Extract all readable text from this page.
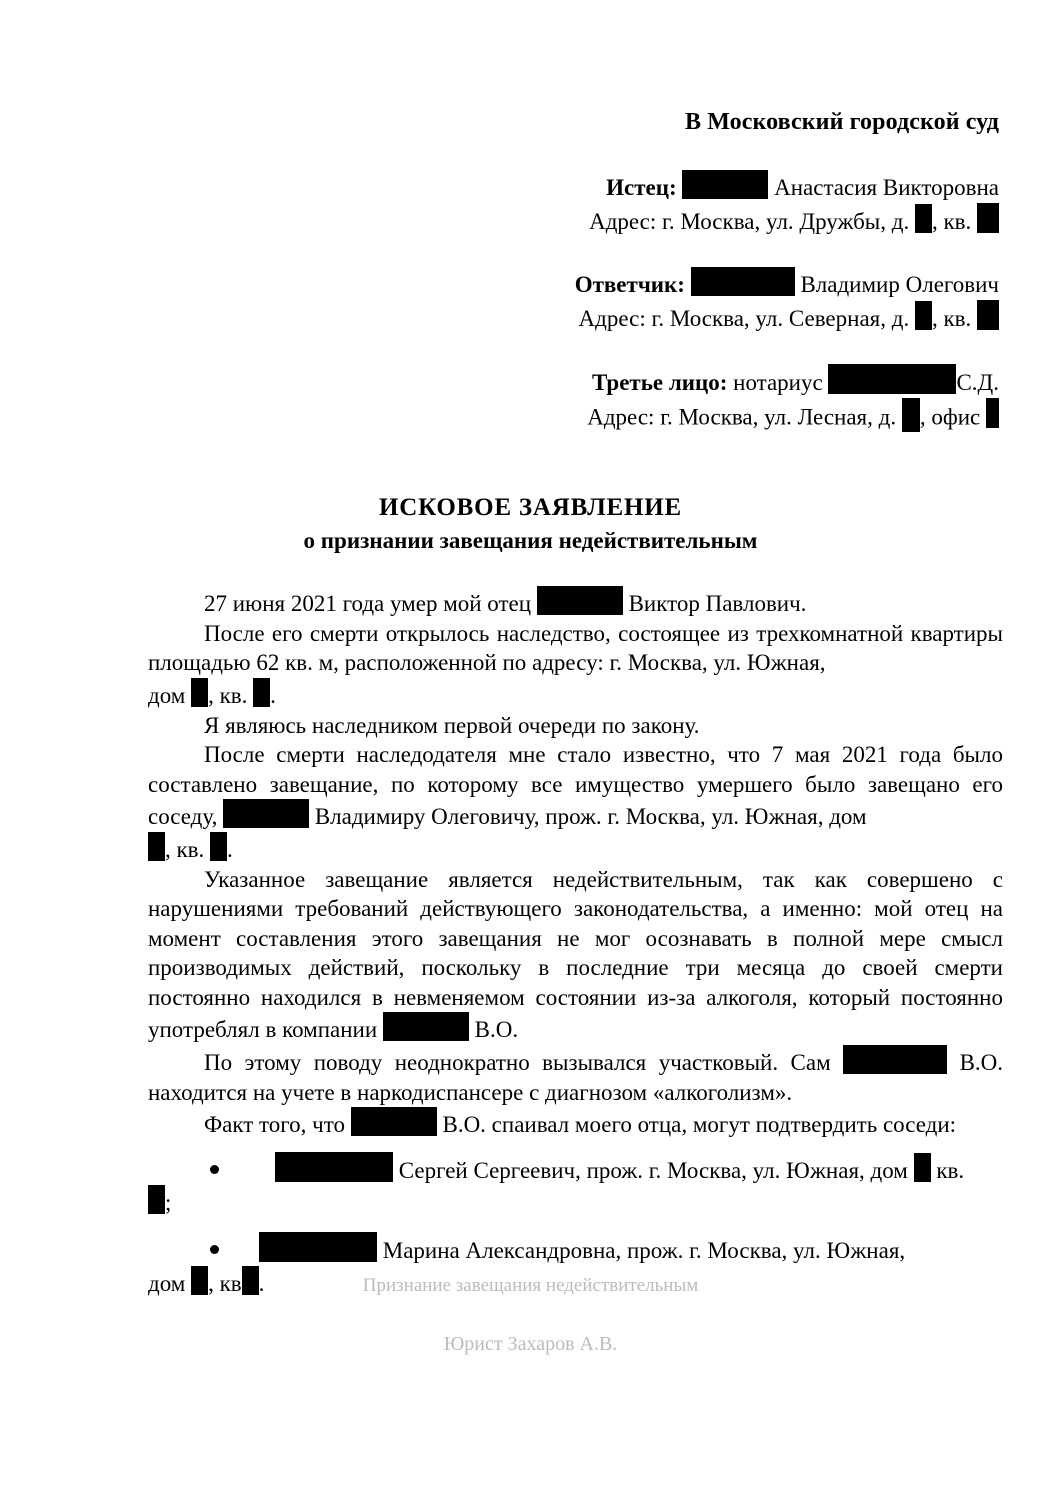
В Московский городской суд

Истец:	Анастасия Викторовна

Адрес: г. Москва, ул. Дружбы, д. , кв.

Ответчик:	Владимир Олегович

Адрес: г. Москва, ул. Северная, д. , кв.

Третье лицо: нотариус	С.Д.

Адрес: г. Москва, ул. Лесная, д. , офис

ИСКОВОЕ ЗАЯВЛЕНИЕ
о признании завещания недействительным

27 июня 2021 года умер мой отец	Виктор Павлович.

После его смерти открылось наследство, состоящее из трехкомнатной квартиры площадью 62 кв. м, расположенной по адресу: г. Москва, ул. Южная,

дом , кв. .

Я являюсь наследником первой очереди по закону.

После смерти наследодателя мне стало известно, что 7 мая 2021 года было составлено завещание, по которому все имущество умершего было завещано его соседу,	Владимиру Олеговичу, прож. г. Москва, ул. Южная, дом

, кв. .

Указанное завещание является недействительным, так как совершено с нарушениями требований действующего законодательства, а именно: мой отец на момент составления этого завещания не мог осознавать в полной мере смысл производимых действий, поскольку в последние три месяца до своей смерти постоянно находился в невменяемом состоянии из-за алкоголя, который постоянно употреблял в компании	В.О.

По этому поводу неоднократно вызывался участковый. Сам	В.О. находится на учете в наркодиспансере с диагнозом «алкоголизм».

Факт того, что	В.О. спаивал моего отца, могут подтвердить соседи:

Сергей Сергеевич, прож. г. Москва, ул. Южная, дом кв.
;
Марина Александровна, прож. г. Москва, ул. Южная,
дом , кв .	Признание завещания недействительным
Юрист Захаров А.В.
